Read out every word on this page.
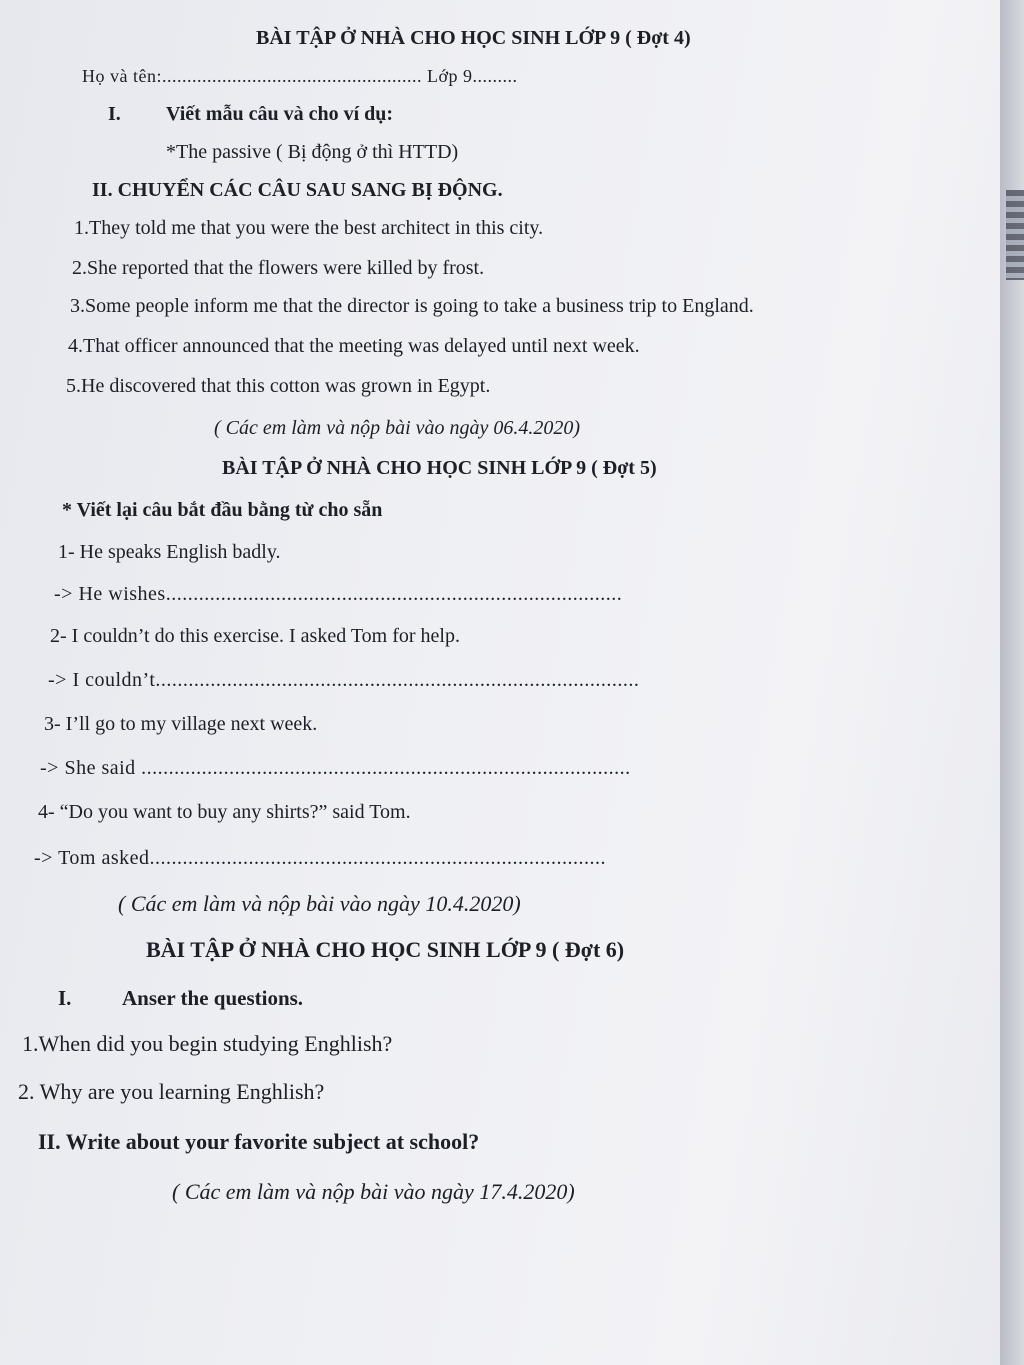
BÀI TẬP Ở NHÀ CHO HỌC SINH LỚP 9 ( Đợt 4)
Họ và tên:.................................................... Lớp 9.........
I. Viết mẫu câu và cho ví dụ:
*The passive ( Bị động ở thì HTTD)
II. CHUYỂN CÁC CÂU SAU SANG BỊ ĐỘNG.
1.They told me that you were the best architect in this city.
2.She reported that the flowers were killed by frost.
3.Some people inform me that the director is going to take a business trip to England.
4.That officer announced that the meeting was delayed until next week.
5.He discovered that this cotton was grown in Egypt.
( Các em làm và nộp bài vào ngày 06.4.2020)
BÀI TẬP Ở NHÀ CHO HỌC SINH LỚP 9 ( Đợt 5)
* Viết lại câu bắt đầu bằng từ cho sẵn
1- He speaks English badly.
-> He wishes...................................................................................
2- I couldn’t do this exercise. I asked Tom for help.
-> I couldn’t........................................................................................
3- I’ll go to my village next week.
-> She said .........................................................................................
4- “Do you want to buy any shirts?” said Tom.
-> Tom asked...................................................................................
( Các em làm và nộp bài vào ngày 10.4.2020)
BÀI TẬP Ở NHÀ CHO HỌC SINH LỚP 9 ( Đợt 6)
I. Anser the questions.
1.When did you begin studying Enghlish?
2. Why are you learning Enghlish?
II. Write about your favorite subject at school?
( Các em làm và nộp bài vào ngày 17.4.2020)
